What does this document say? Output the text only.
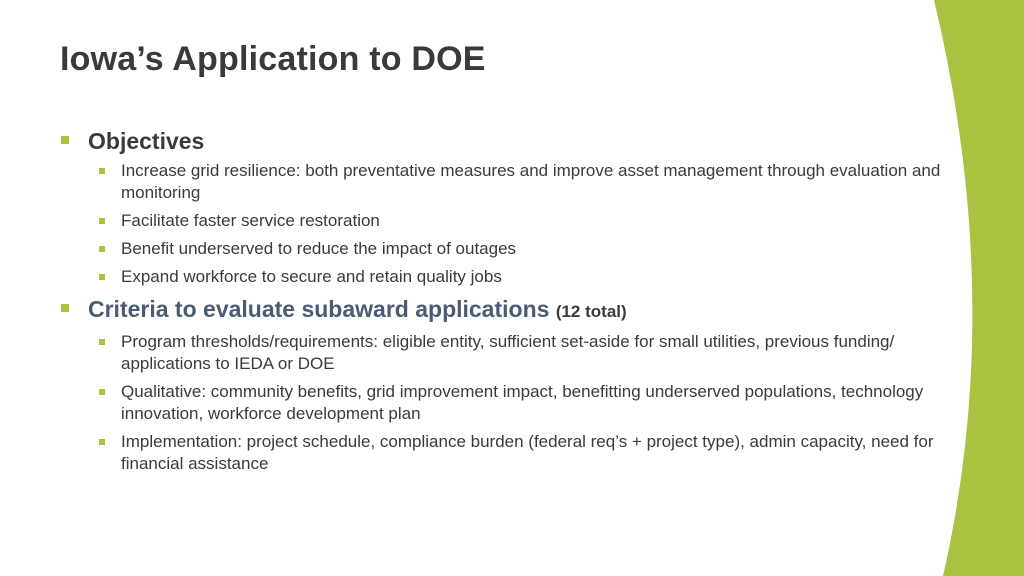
Iowa’s Application to DOE
Objectives
Increase grid resilience: both preventative measures and improve asset management through evaluation and monitoring
Facilitate faster service restoration
Benefit underserved to reduce the impact of outages
Expand workforce to secure and retain quality jobs
Criteria to evaluate subaward applications (12 total)
Program thresholds/requirements: eligible entity, sufficient set-aside for small utilities, previous funding/ applications to IEDA or DOE
Qualitative: community benefits, grid improvement impact, benefitting underserved populations, technology innovation, workforce development plan
Implementation: project schedule, compliance burden (federal req’s + project type), admin capacity, need for financial assistance
